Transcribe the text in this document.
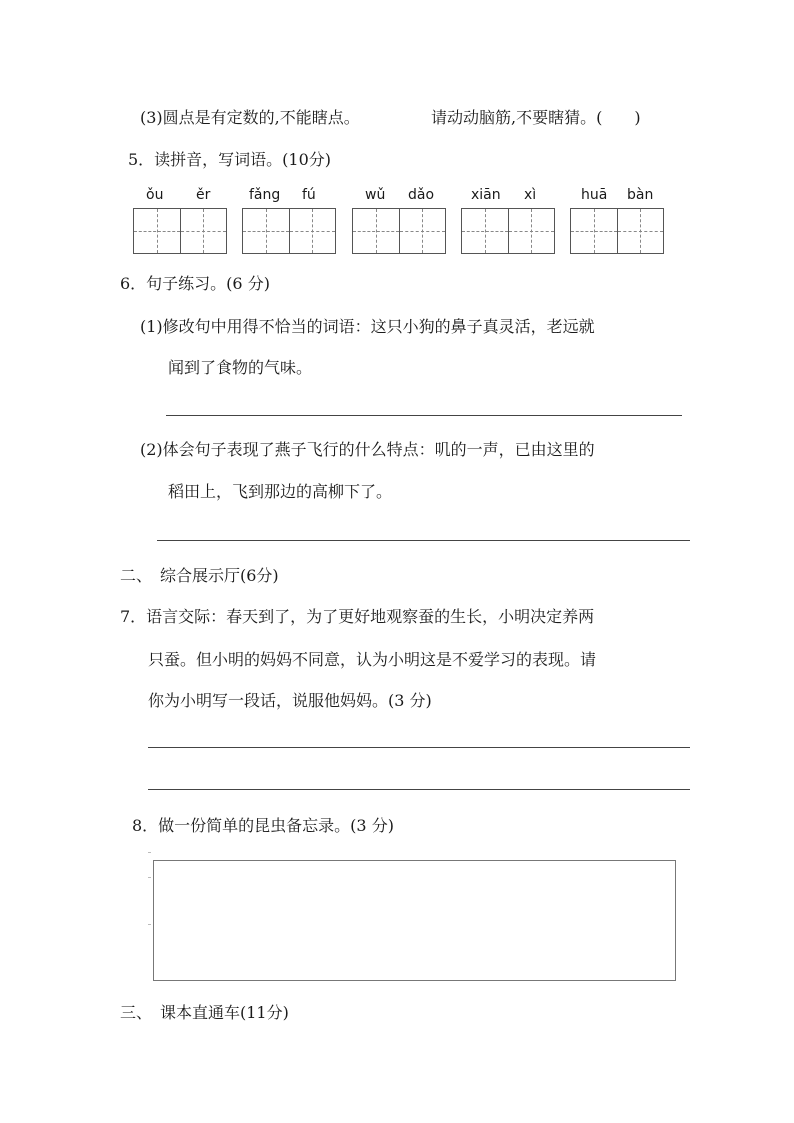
(3)圆点是有定数的,不能瞎点。	请动动脑筋,不要瞎猜。(　　)
5．读拼音，写词语。(10分)
ǒu ěr	fǎng fú	wǔ dǎo	xiān xì	huā bàn
6．句子练习。(6 分)
(1)修改句中用得不恰当的词语：这只小狗的鼻子真灵活，老远就
闻到了食物的气味。
(2)体会句子表现了燕子飞行的什么特点：叽的一声，已由这里的
稻田上，飞到那边的高柳下了。
二、　综合展示厅(6分)
7．语言交际：春天到了，为了更好地观察蚕的生长，小明决定养两
只蚕。但小明的妈妈不同意，认为小明这是不爱学习的表现。请
你为小明写一段话，说服他妈妈。(3 分)
8．做一份简单的昆虫备忘录。(3 分)
三、　课本直通车(11分)
